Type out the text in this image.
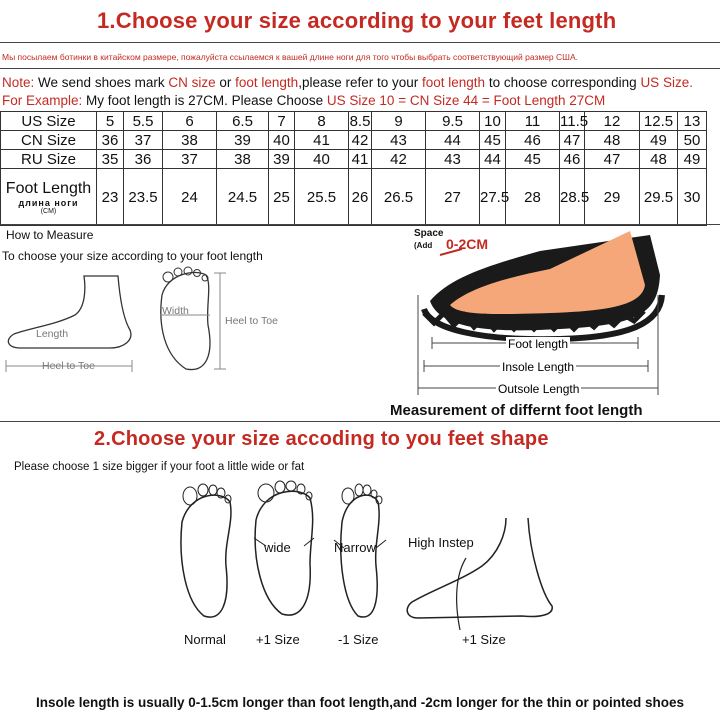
1.Choose your size according to your feet length
Мы посылаем ботинки в китайском размере, пожалуйста ссылаемся к вашей длине ноги для того чтобы выбрать соответствующий размер США.
Note: We send shoes mark CN size or foot length,please refer to your foot length to choose corresponding US Size.
For Example: My foot length is 27CM. Please Choose US Size 10 = CN Size 44 = Foot Length 27CM
US Size	5	5.5	6	6.5	7	8	8.5	9	9.5	10	11	11.5	12	12.5	13
CN Size	36	37	38	39	40	41	42	43	44	45	46	47	48	49	50
RU Size	35	36	37	38	39	40	41	42	43	44	45	46	47	48	49

Foot Length
длина ноги
(CM)	23	23.5	24	24.5	25	25.5	26	26.5	27	27.5	28	28.5	29	29.5	30
How to Measure
To choose your size according to your foot length
Length
Heel to Toe
Width
Heel to Toe
Space
(Add 0-2CM
Foot length
Insole Length
Outsole Length
Measurement of differnt foot length
2.Choose your size accoding to you feet shape
Please choose 1 size bigger if your foot a little wide or fat
wide	Narrow High Instep
Normal +1 Size	-1 Size	+1 Size
Insole length is usually 0-1.5cm longer than foot length,and -2cm longer for the thin or pointed shoes
